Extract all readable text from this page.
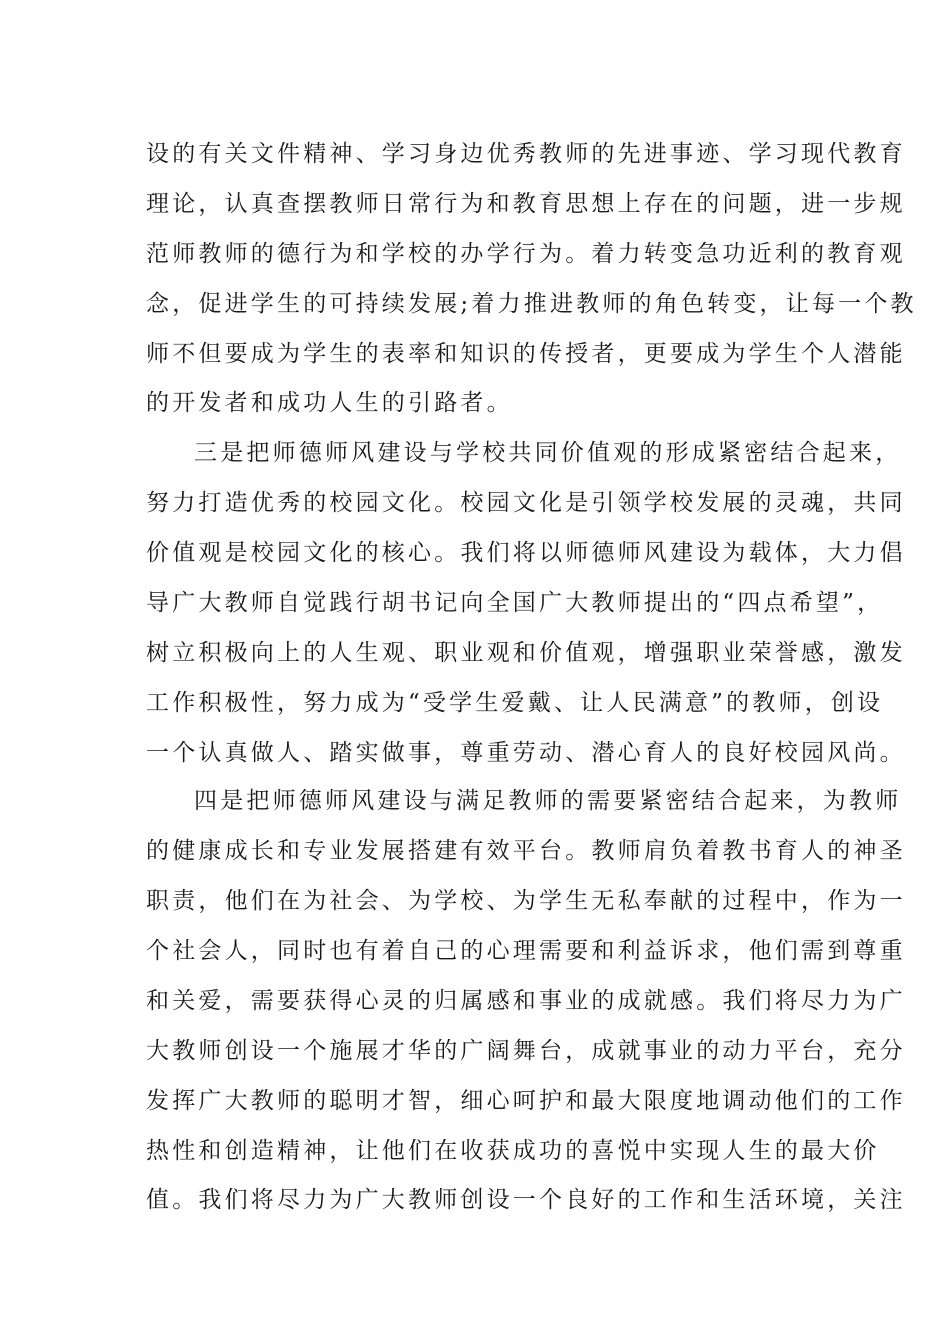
设的有关文件精神、学习身边优秀教师的先进事迹、学习现代教育
理论，认真查摆教师日常行为和教育思想上存在的问题，进一步规
范师教师的德行为和学校的办学行为。着力转变急功近利的教育观
念，促进学生的可持续发展;着力推进教师的角色转变，让每一个教
师不但要成为学生的表率和知识的传授者，更要成为学生个人潜能
的开发者和成功人生的引路者。
三是把师德师风建设与学校共同价值观的形成紧密结合起来，
努力打造优秀的校园文化。校园文化是引领学校发展的灵魂，共同
价值观是校园文化的核心。我们将以师德师风建设为载体，大力倡
导广大教师自觉践行胡书记向全国广大教师提出的“四点希望”，
树立积极向上的人生观、职业观和价值观，增强职业荣誉感，激发
工作积极性，努力成为“受学生爱戴、让人民满意”的教师，创设
一个认真做人、踏实做事，尊重劳动、潜心育人的良好校园风尚。
四是把师德师风建设与满足教师的需要紧密结合起来，为教师
的健康成长和专业发展搭建有效平台。教师肩负着教书育人的神圣
职责，他们在为社会、为学校、为学生无私奉献的过程中，作为一
个社会人，同时也有着自己的心理需要和利益诉求，他们需到尊重
和关爱，需要获得心灵的归属感和事业的成就感。我们将尽力为广
大教师创设一个施展才华的广阔舞台，成就事业的动力平台，充分
发挥广大教师的聪明才智，细心呵护和最大限度地调动他们的工作
热性和创造精神，让他们在收获成功的喜悦中实现人生的最大价
值。我们将尽力为广大教师创设一个良好的工作和生活环境，关注
